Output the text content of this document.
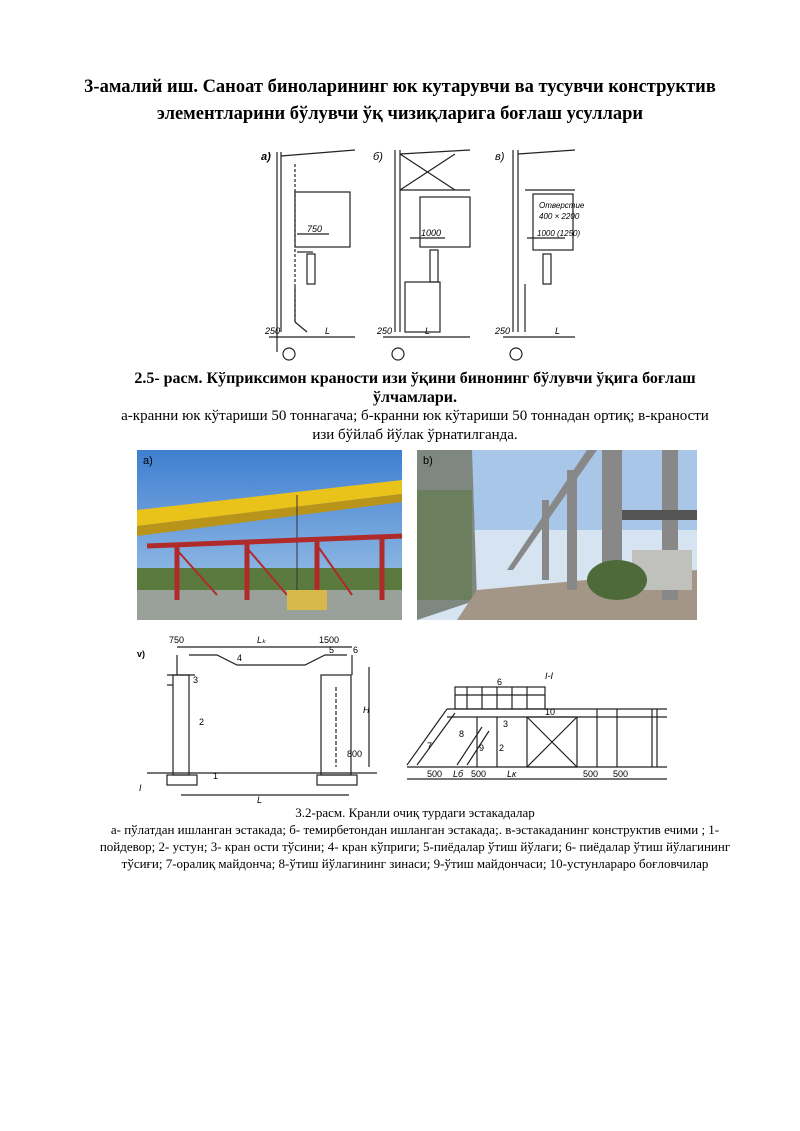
3-амалий иш. Саноат биноларининг юк кутарувчи ва тусувчи конструктив элементларини бўлувчи ўқ чизиқларига боғлаш усуллари
а)	б)	в)
750	1000	1000 (1250)
Отверстие
400 × 2200
250	250	250
L	L	L

2.5- расм. Кўприксимон краности изи ўқини бинонинг бўлувчи ўқига боғлаш ўлчамлари.

а-кранни юк кўтариши 50 тоннагача; б-кранни юк кўтариши 50 тоннадан ортиқ; в-краности изи бўйлаб йўлак ўрнатилганда.

a)	b)
v)
I-I
750	1500
Lₖ
L
H
800
I
1
2
3
4
5 6
6
3
10
7
8
9 2
500 Lб 500 Lк	500 500

3.2-расм. Кранли очиқ турдаги эстакадалар

а- пўлатдан ишланган эстакада; б- темирбетондан ишланган эстакада;. в-эстакаданинг конструктив ечими ; 1-пойдевор; 2- устун; 3- кран ости тўсини; 4- кран кўприги; 5-пиёдалар ўтиш йўлаги; 6- пиёдалар ўтиш йўлагининг тўсиғи; 7-оралиқ майдонча; 8-ўтиш йўлагининг зинаси; 9-ўтиш майдончаси; 10-устунлараро боғловчилар
